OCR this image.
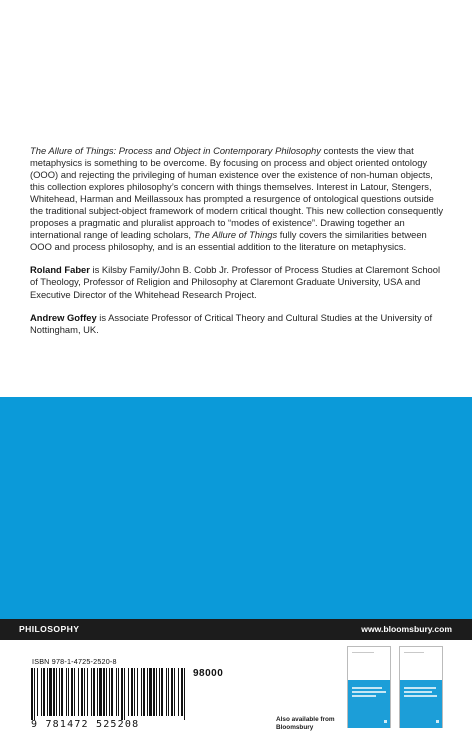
The Allure of Things: Process and Object in Contemporary Philosophy contests the view that metaphysics is something to be overcome. By focusing on process and object oriented ontology (OOO) and rejecting the privileging of human existence over the existence of non-human objects, this collection explores philosophy’s concern with things themselves. Interest in Latour, Stengers, Whitehead, Harman and Meillassoux has prompted a resurgence of ontological questions outside the traditional subject-object framework of modern critical thought. This new collection consequently proposes a pragmatic and pluralist approach to “modes of existence”. Drawing together an international range of leading scholars, The Allure of Things fully covers the similarities between OOO and process philosophy, and is an essential addition to the literature on metaphysics.

Roland Faber is Kilsby Family/John B. Cobb Jr. Professor of Process Studies at Claremont School of Theology, Professor of Religion and Philosophy at Claremont Graduate University, USA and Executive Director of the Whitehead Research Project.

Andrew Goffey is Associate Professor of Critical Theory and Cultural Studies at the University of Nottingham, UK.

PHILOSOPHY	www.bloomsbury.com
ISBN 978-1-4725-2520-8
98000
9 781472 525208	Also available from Bloomsbury
